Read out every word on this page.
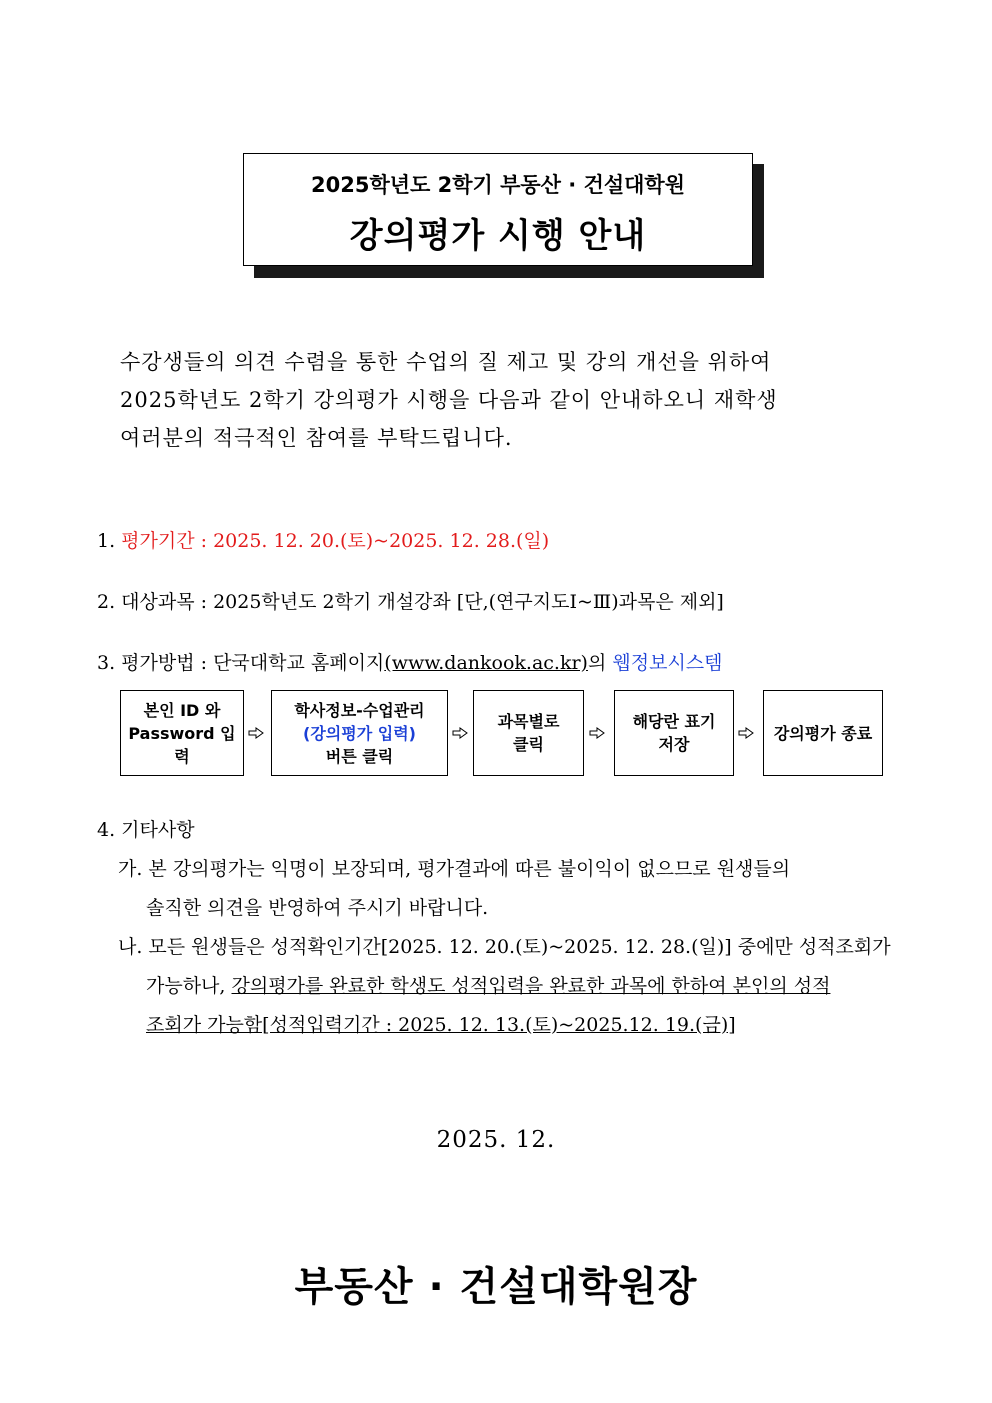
2025학년도 2학기 부동산 · 건설대학원
강의평가 시행 안내
수강생들의 의견 수렴을 통한 수업의 질 제고 및 강의 개선을 위하여
2025학년도 2학기 강의평가 시행을 다음과 같이 안내하오니 재학생
여러분의 적극적인 참여를 부탁드립니다.
1. 평가기간 : 2025. 12. 20.(토)~2025. 12. 28.(일)
2. 대상과목 : 2025학년도 2학기 개설강좌 [단,(연구지도Ⅰ~Ⅲ)과목은 제외]
3. 평가방법 : 단국대학교 홈페이지(www.dankook.ac.kr)의 웹정보시스템
본인 ID 와
Password 입력
학사정보-수업관리
(강의평가 입력)
버튼 클릭
과목별로
클릭
해당란 표기
저장
강의평가 종료
4. 기타사항
가. 본 강의평가는 익명이 보장되며, 평가결과에 따른 불이익이 없으므로 원생들의
솔직한 의견을 반영하여 주시기 바랍니다.
나. 모든 원생들은 성적확인기간[2025. 12. 20.(토)~2025. 12. 28.(일)] 중에만 성적조회가
가능하나, 강의평가를 완료한 학생도 성적입력을 완료한 과목에 한하여 본인의 성적
조회가 가능함[성적입력기간 : 2025. 12. 13.(토)~2025.12. 19.(금)]
2025. 12.
부동산 · 건설대학원장
